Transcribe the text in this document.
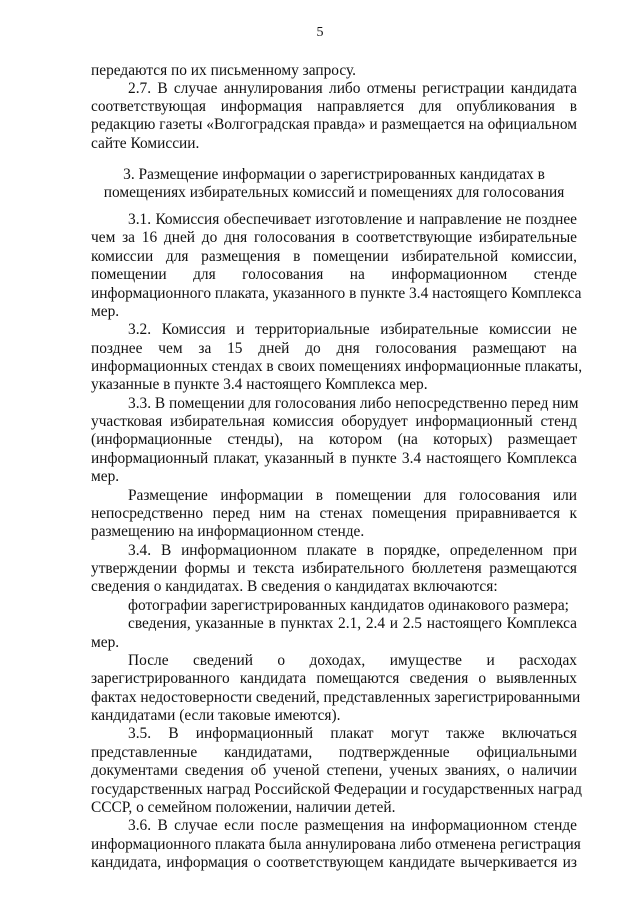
5
передаются по их письменному запросу.
2.7. В случае аннулирования либо отмены регистрации кандидата
соответствующая информация направляется для опубликования в
редакцию газеты «Волгоградская правда» и размещается на официальном
сайте Комиссии.
3. Размещение информации о зарегистрированных кандидатах в
помещениях избирательных комиссий и помещениях для голосования
3.1. Комиссия обеспечивает изготовление и направление не позднее
чем за 16 дней до дня голосования в соответствующие избирательные
комиссии для размещения в помещении избирательной комиссии,
помещении для голосования на информационном стенде
информационного плаката, указанного в пункте 3.4 настоящего Комплекса
мер.
3.2. Комиссия и территориальные избирательные комиссии не
позднее чем за 15 дней до дня голосования размещают на
информационных стендах в своих помещениях информационные плакаты,
указанные в пункте 3.4 настоящего Комплекса мер.
3.3. В помещении для голосования либо непосредственно перед ним
участковая избирательная комиссия оборудует информационный стенд
(информационные стенды), на котором (на которых) размещает
информационный плакат, указанный в пункте 3.4 настоящего Комплекса
мер.
Размещение информации в помещении для голосования или
непосредственно перед ним на стенах помещения приравнивается к
размещению на информационном стенде.
3.4. В информационном плакате в порядке, определенном при
утверждении формы и текста избирательного бюллетеня размещаются
сведения о кандидатах. В сведения о кандидатах включаются:
фотографии зарегистрированных кандидатов одинакового размера;
сведения, указанные в пунктах 2.1, 2.4 и 2.5 настоящего Комплекса
мер.
После сведений о доходах, имуществе и расходах
зарегистрированного кандидата помещаются сведения о выявленных
фактах недостоверности сведений, представленных зарегистрированными
кандидатами (если таковые имеются).
3.5. В информационный плакат могут также включаться
представленные кандидатами, подтвержденные официальными
документами сведения об ученой степени, ученых званиях, о наличии
государственных наград Российской Федерации и государственных наград
СССР, о семейном положении, наличии детей.
3.6. В случае если после размещения на информационном стенде
информационного плаката была аннулирована либо отменена регистрация
кандидата, информация о соответствующем кандидате вычеркивается из
